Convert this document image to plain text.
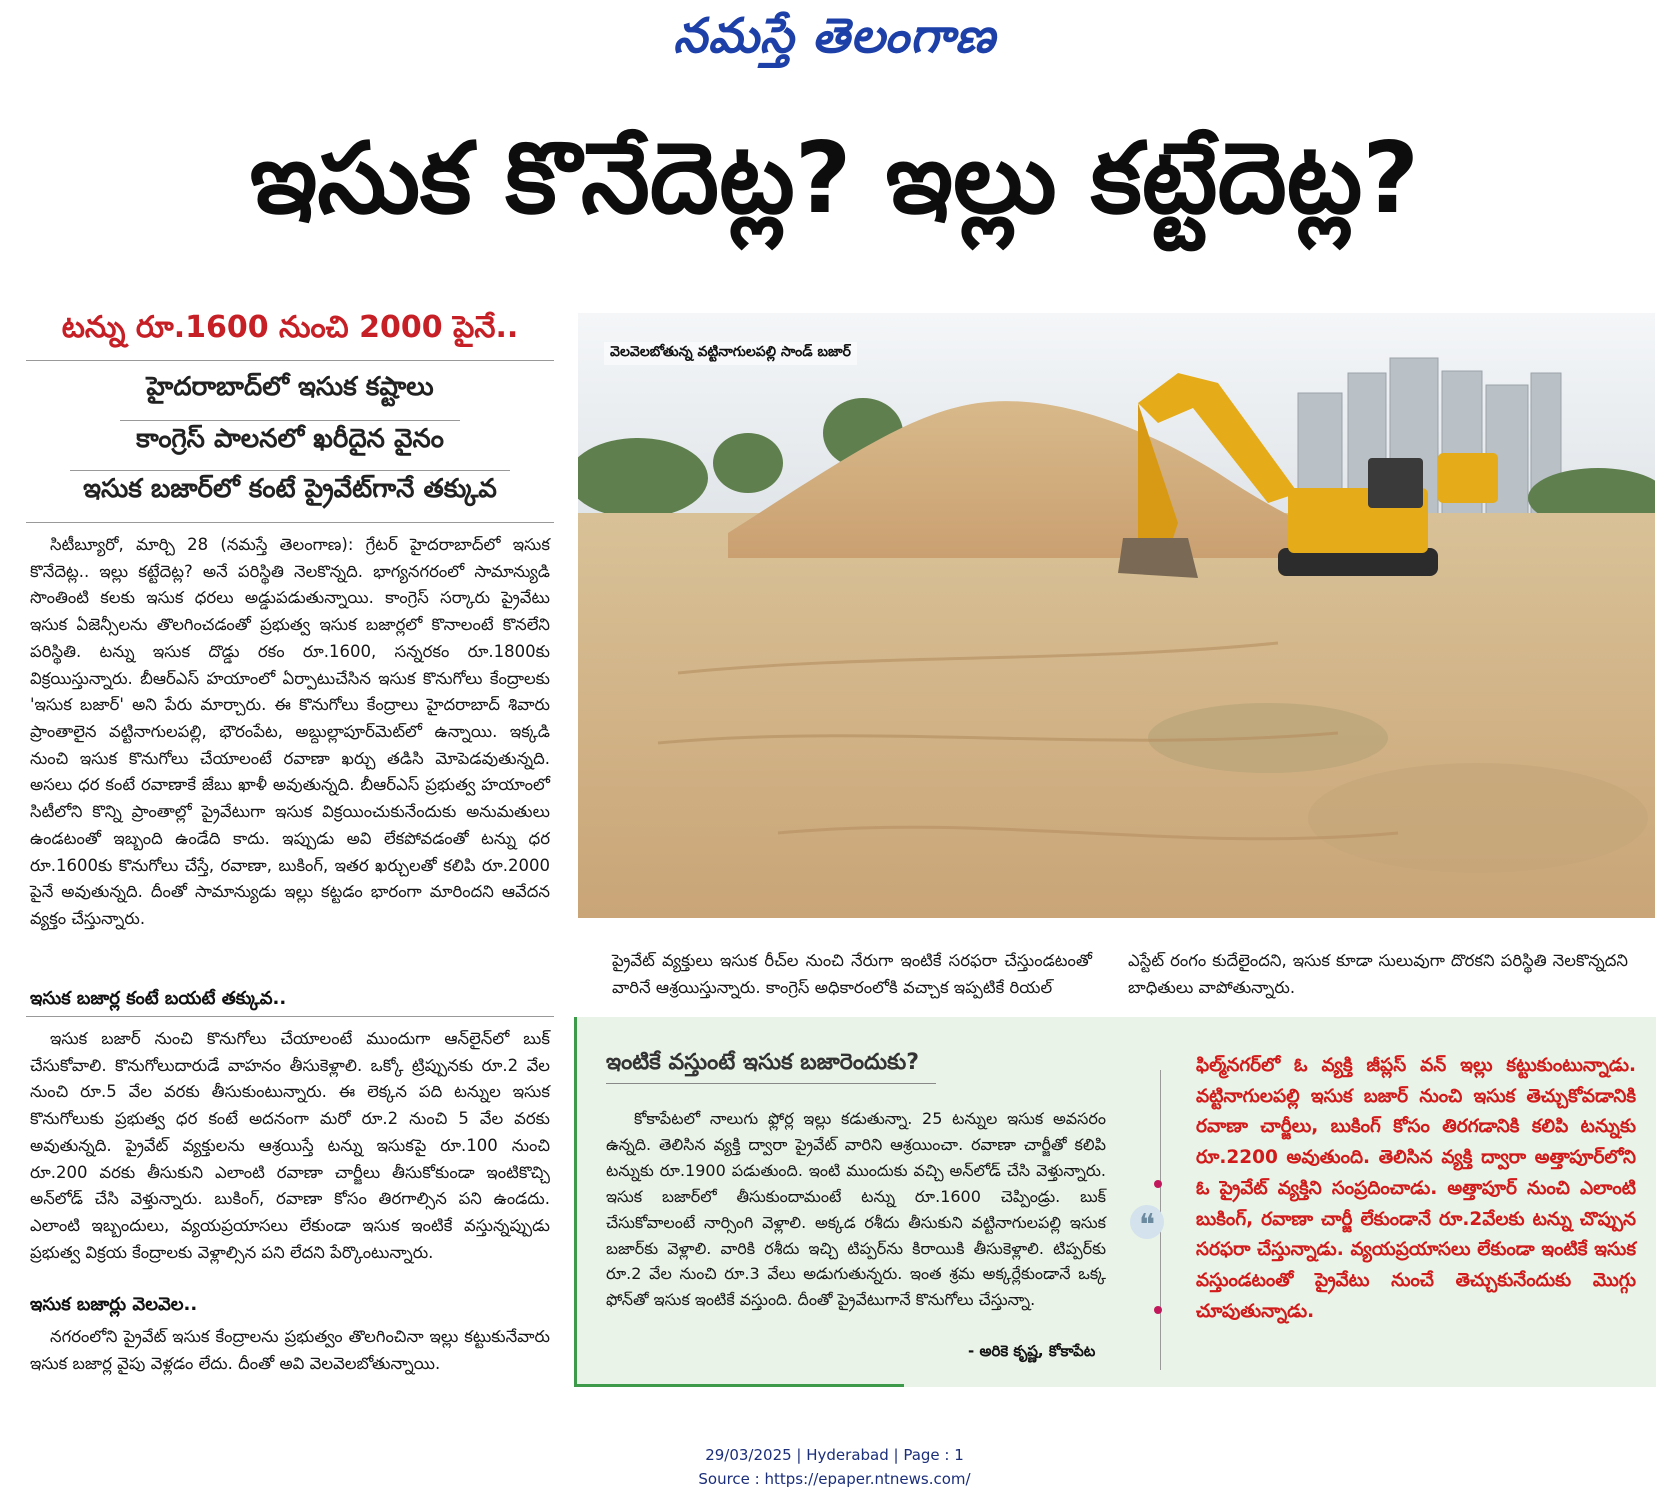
నమస్తే తెలంగాణ
ఇసుక కొనేదెట్ల? ఇల్లు కట్టేదెట్ల?
టన్ను రూ.1600 నుంచి 2000 పైనే..
హైదరాబాద్‌లో ఇసుక కష్టాలు
కాంగ్రెస్ పాలనలో ఖరీదైన వైనం
ఇసుక బజార్‌లో కంటే ప్రైవేట్‌గానే తక్కువ
సిటీబ్యూరో, మార్చి 28 (నమస్తే తెలంగాణ): గ్రేటర్ హైదరాబాద్‌లో ఇసుక కొనేదెట్ల.. ఇల్లు కట్టేదెట్ల? అనే పరిస్థితి నెలకొన్నది. భాగ్యనగరంలో సామాన్యుడి సొంతింటి కలకు ఇసుక ధరలు అడ్డుపడుతున్నాయి. కాంగ్రెస్ సర్కారు ప్రైవేటు ఇసుక ఏజెన్సీలను తొలగించడంతో ప్రభుత్వ ఇసుక బజార్లలో కొనాలంటే కొనలేని పరిస్థితి. టన్ను ఇసుక దొడ్డు రకం రూ.1600, సన్నరకం రూ.1800కు విక్రయిస్తున్నారు. బీఆర్‌ఎస్ హయాంలో ఏర్పాటుచేసిన ఇసుక కొనుగోలు కేంద్రాలకు 'ఇసుక బజార్' అని పేరు మార్చారు. ఈ కొనుగోలు కేంద్రాలు హైదరాబాద్ శివారు ప్రాంతాలైన వట్టినాగులపల్లి, భౌరంపేట, అబ్దుల్లాపూర్‌మెట్‌లో ఉన్నాయి. ఇక్కడి నుంచి ఇసుక కొనుగోలు చేయాలంటే రవాణా ఖర్చు తడిసి మోపెడవుతున్నది. అసలు ధర కంటే రవాణాకే జేబు ఖాళీ అవుతున్నది. బీఆర్‌ఎస్ ప్రభుత్వ హయాంలో సిటీలోని కొన్ని ప్రాంతాల్లో ప్రైవేటుగా ఇసుక విక్రయించుకునేందుకు అనుమతులు ఉండటంతో ఇబ్బంది ఉండేది కాదు. ఇప్పుడు అవి లేకపోవడంతో టన్ను ధర రూ.1600కు కొనుగోలు చేస్తే, రవాణా, బుకింగ్, ఇతర ఖర్చులతో కలిపి రూ.2000 పైనే అవుతున్నది. దీంతో సామాన్యుడు ఇల్లు కట్టడం భారంగా మారిందని ఆవేదన వ్యక్తం చేస్తున్నారు.
ఇసుక బజార్ల కంటే బయటే తక్కువ..
ఇసుక బజార్ నుంచి కొనుగోలు చేయాలంటే ముందుగా ఆన్‌లైన్‌లో బుక్ చేసుకోవాలి. కొనుగోలుదారుడే వాహనం తీసుకెళ్లాలి. ఒక్కో ట్రిప్పునకు రూ.2 వేల నుంచి రూ.5 వేల వరకు తీసుకుంటున్నారు. ఈ లెక్కన పది టన్నుల ఇసుక కొనుగోలుకు ప్రభుత్వ ధర కంటే అదనంగా మరో రూ.2 నుంచి 5 వేల వరకు అవుతున్నది. ప్రైవేట్ వ్యక్తులను ఆశ్రయిస్తే టన్ను ఇసుకపై రూ.100 నుంచి రూ.200 వరకు తీసుకుని ఎలాంటి రవాణా చార్జీలు తీసుకోకుండా ఇంటికొచ్చి అన్‌లోడ్ చేసి వెళ్తున్నారు. బుకింగ్, రవాణా కోసం తిరగాల్సిన పని ఉండదు. ఎలాంటి ఇబ్బందులు, వ్యయప్రయాసలు లేకుండా ఇసుక ఇంటికే వస్తున్నప్పుడు ప్రభుత్వ విక్రయ కేంద్రాలకు వెళ్లాల్సిన పని లేదని పేర్కొంటున్నారు.
ఇసుక బజార్లు వెలవెల..
నగరంలోని ప్రైవేట్ ఇసుక కేంద్రాలను ప్రభుత్వం తొలగించినా ఇల్లు కట్టుకునేవారు ఇసుక బజార్ల వైపు వెళ్లడం లేదు. దీంతో అవి వెలవెలబోతున్నాయి.
వెలవెలబోతున్న వట్టినాగులపల్లి సాండ్ బజార్
ప్రైవేట్ వ్యక్తులు ఇసుక రీచ్‌ల నుంచి నేరుగా ఇంటికే సరఫరా చేస్తుండటంతో వారినే ఆశ్రయిస్తున్నారు. కాంగ్రెస్ అధికారంలోకి వచ్చాక ఇప్పటికే రియల్
ఎస్టేట్ రంగం కుదేలైందని, ఇసుక కూడా సులువుగా దొరకని పరిస్థితి నెలకొన్నదని బాధితులు వాపోతున్నారు.
ఇంటికే వస్తుంటే ఇసుక బజారెందుకు?
కోకాపేటలో నాలుగు ఫ్లోర్ల ఇల్లు కడుతున్నా. 25 టన్నుల ఇసుక అవసరం ఉన్నది. తెలిసిన వ్యక్తి ద్వారా ప్రైవేట్ వారిని ఆశ్రయించా. రవాణా చార్జీతో కలిపి టన్నుకు రూ.1900 పడుతుంది. ఇంటి ముందుకు వచ్చి అన్‌లోడ్ చేసి వెళ్తున్నారు. ఇసుక బజార్‌లో తీసుకుందామంటే టన్ను రూ.1600 చెప్పిండ్రు. బుక్ చేసుకోవాలంటే నార్సింగి వెళ్లాలి. అక్కడ రశీదు తీసుకుని వట్టినాగులపల్లి ఇసుక బజార్‌కు వెళ్లాలి. వారికి రశీదు ఇచ్చి టిప్పర్‌ను కిరాయికి తీసుకెళ్లాలి. టిప్పర్‌కు రూ.2 వేల నుంచి రూ.3 వేలు అడుగుతున్నరు. ఇంత శ్రమ అక్కర్లేకుండానే ఒక్క ఫోన్‌తో ఇసుక ఇంటికే వస్తుంది. దీంతో ప్రైవేటుగానే కొనుగోలు చేస్తున్నా.
- అరికె కృష్ణ, కోకాపేట
❝
ఫిల్మ్‌నగర్‌లో ఓ వ్యక్తి జీప్లస్ వన్ ఇల్లు కట్టుకుంటున్నాడు. వట్టినాగులపల్లి ఇసుక బజార్ నుంచి ఇసుక తెచ్చుకోవడానికి రవాణా చార్జీలు, బుకింగ్ కోసం తిరగడానికి కలిపి టన్నుకు రూ.2200 అవుతుంది. తెలిసిన వ్యక్తి ద్వారా అత్తాపూర్‌లోని ఓ ప్రైవేట్ వ్యక్తిని సంప్రదించాడు. అత్తాపూర్ నుంచి ఎలాంటి బుకింగ్, రవాణా చార్జీ లేకుండానే రూ.2వేలకు టన్ను చొప్పున సరఫరా చేస్తున్నాడు. వ్యయప్రయాసలు లేకుండా ఇంటికే ఇసుక వస్తుండటంతో ప్రైవేటు నుంచే తెచ్చుకునేందుకు మొగ్గు చూపుతున్నాడు.
29/03/2025 | Hyderabad | Page : 1
Source : https://epaper.ntnews.com/
